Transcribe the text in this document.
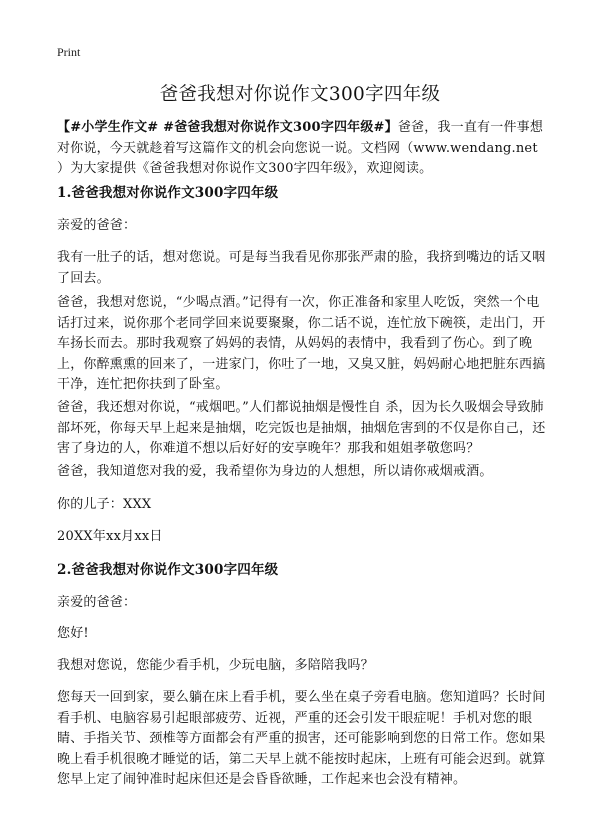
Print
爸爸我想对你说作文300字四年级

【#小学生作文# #爸爸我想对你说作文300字四年级#】爸爸，我一直有一件事想对你说，今天就趁着写这篇作文的机会向您说一说。文档网（www.wendang.net ）为大家提供《爸爸我想对你说作文300字四年级》，欢迎阅读。

1.爸爸我想对你说作文300字四年级

亲爱的爸爸：

我有一肚子的话，想对您说。可是每当我看见你那张严肃的脸，我挤到嘴边的话又咽了回去。

爸爸，我想对您说，“少喝点酒。”记得有一次，你正准备和家里人吃饭，突然一个电话打过来，说你那个老同学回来说要聚聚，你二话不说，连忙放下碗筷，走出门，开车扬长而去。那时我观察了妈妈的表情，从妈妈的表情中，我看到了伤心。到了晚上，你醉熏熏的回来了，一进家门，你吐了一地，又臭又脏，妈妈耐心地把脏东西搞干净，连忙把你扶到了卧室。

爸爸，我还想对你说，“戒烟吧。”人们都说抽烟是慢性自 杀，因为长久吸烟会导致肺部坏死，你每天早上起来是抽烟，吃完饭也是抽烟，抽烟危害到的不仅是你自己，还害了身边的人，你难道不想以后好好的安享晚年？那我和姐姐孝敬您吗？

爸爸，我知道您对我的爱，我希望你为身边的人想想，所以请你戒烟戒酒。

你的儿子：XXX

20XX年xx月xx日

2.爸爸我想对你说作文300字四年级

亲爱的爸爸：

您好!

我想对您说，您能少看手机，少玩电脑，多陪陪我吗？

您每天一回到家，要么躺在床上看手机，要么坐在桌子旁看电脑。您知道吗？长时间看手机、电脑容易引起眼部疲劳、近视，严重的还会引发干眼症呢！手机对您的眼睛、手指关节、颈椎等方面都会有严重的损害，还可能影响到您的日常工作。您如果晚上看手机很晚才睡觉的话，第二天早上就不能按时起床，上班有可能会迟到。就算您早上定了闹钟准时起床但还是会昏昏欲睡，工作起来也会没有精神。
